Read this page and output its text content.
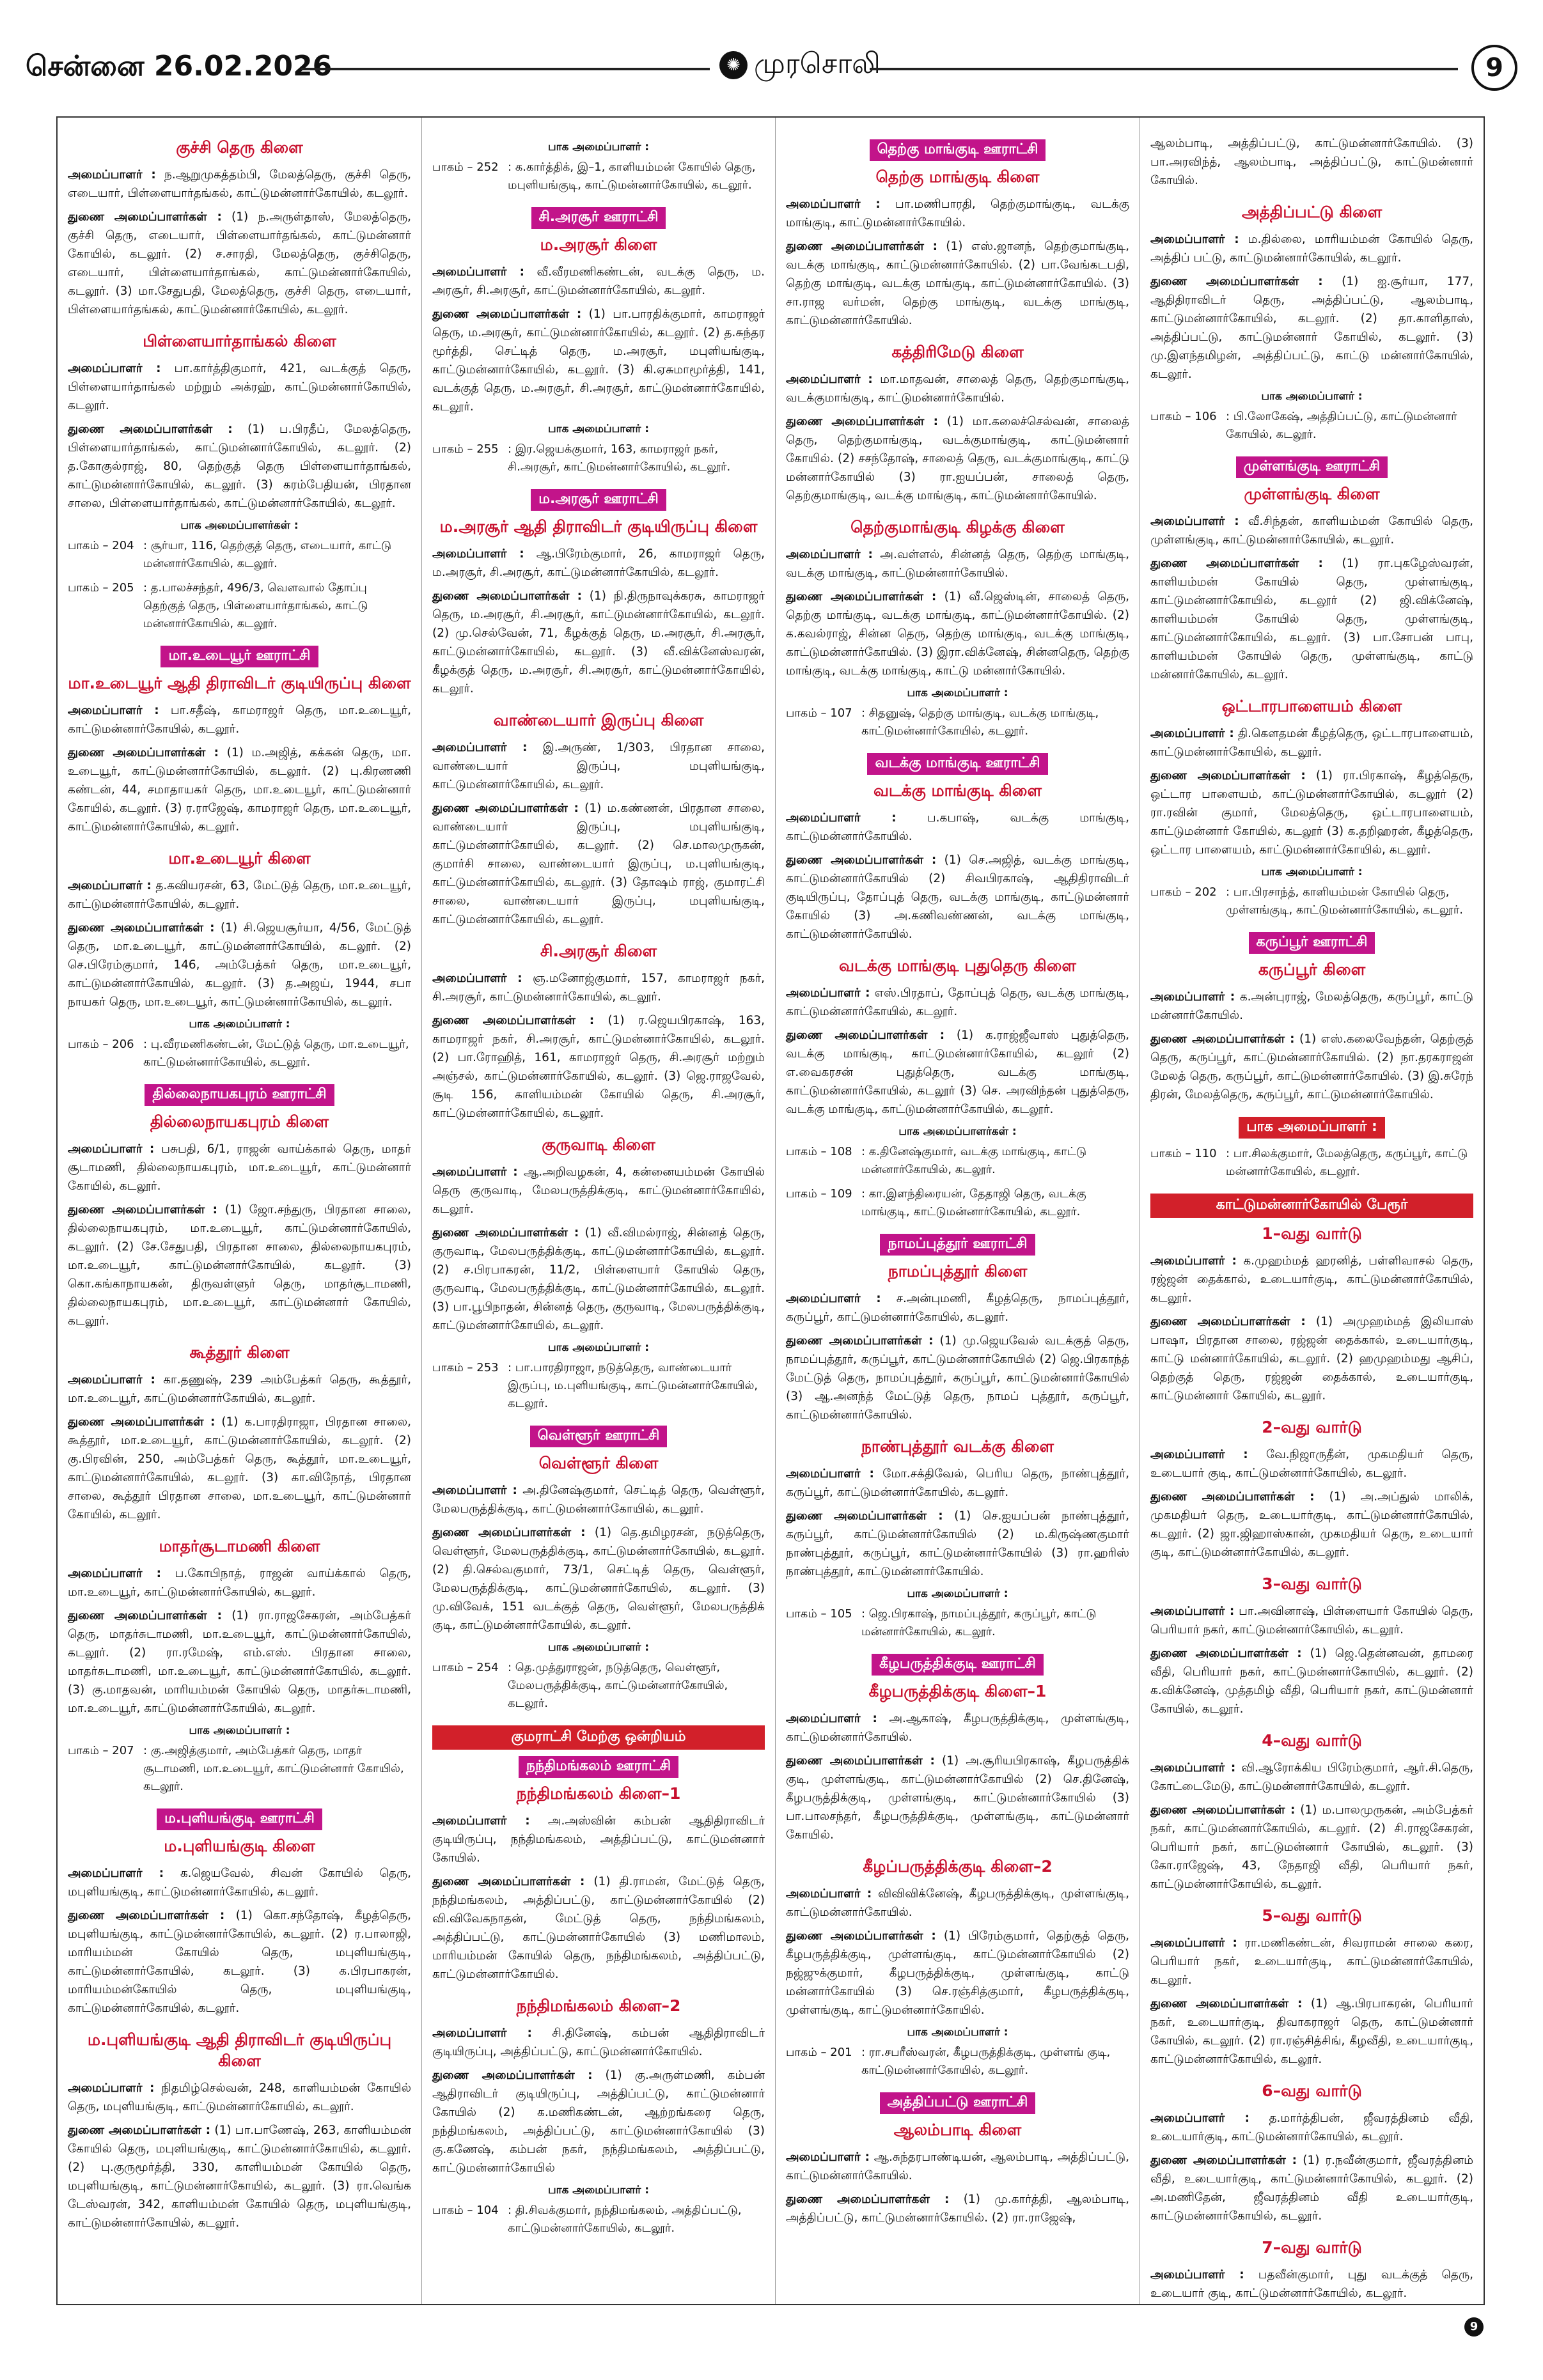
சென்னை 26.02.2026	✺ முரசொலி	9
குச்சி தெரு கிளை
அமைப்பாளர் : ந.ஆறுமுகத்தம்பி, மேலத்தெரு, குச்சி தெரு, எடையார், பிள்ளையார்தங்கல், காட்டுமன்னார்கோயில், கடலூர்.
துணை அமைப்பாளர்கள் : (1) ந.அருள்தாஸ், மேலத்தெரு, குச்சி தெரு, எடையார், பிள்ளையார்தங்கல், காட்டுமன்னார் கோயில், கடலூர். (2) ச.சாரதி, மேலத்தெரு, குச்சிதெரு, எடையார், பிள்ளையார்தாங்கல், காட்டுமன்னார்கோயில், கடலூர். (3) மா.சேதுபதி, மேலத்தெரு, குச்சி தெரு, எடையார், பிள்ளையார்தங்கல், காட்டுமன்னார்கோயில், கடலூர்.
பிள்ளையார்தாங்கல் கிளை
அமைப்பாளர் : பா.கார்த்திகுமார், 421, வடக்குத் தெரு, பிள்ளையார்தாங்கல் மற்றும் அக்ரஹ், காட்டுமன்னார்கோயில், கடலூர்.
துணை அமைப்பாளர்கள் : (1) ப.பிரதீப், மேலத்தெரு, பிள்ளையார்தாங்கல், காட்டுமன்னார்கோயில், கடலூர். (2) த.கோகுல்ராஜ், 80, தெற்குத் தெரு பிள்ளையார்தாங்கல், காட்டுமன்னார்கோயில், கடலூர். (3) கரம்பேதியன், பிரதான சாலை, பிள்ளையார்தாங்கல், காட்டுமன்னார்கோயில், கடலூர்.
பாக அமைப்பாளர்கள் :
பாகம் – 204 : சூர்யா, 116, தெற்குத் தெரு, எடையார், காட்டு மன்னார்கோயில், கடலூர்.
பாகம் – 205 : த.பாலச்சந்தர், 496/3, வெளவால் தோப்பு தெற்குத் தெரு, பிள்ளையார்தாங்கல், காட்டு மன்னார்கோயில், கடலூர்.
மா.உடையூர் ஊராட்சி
மா.உடையூர் ஆதி திராவிடர் குடியிருப்பு கிளை
அமைப்பாளர் : பா.சதீஷ், காமராஜர் தெரு, மா.உடையூர், காட்டுமன்னார்கோயில், கடலூர்.
துணை அமைப்பாளர்கள் : (1) ம.அஜித், கக்கன் தெரு, மா. உடையூர், காட்டுமன்னார்கோயில், கடலூர். (2) பு.கிரணணி கண்டன், 44, சமாதாயகர் தெரு, மா.உடையூர், காட்டுமன்னார் கோயில், கடலூர். (3) ர.ராஜேஷ், காமராஜர் தெரு, மா.உடையூர், காட்டுமன்னார்கோயில், கடலூர்.
மா.உடையூர் கிளை
அமைப்பாளர் : த.கவியரசன், 63, மேட்டுத் தெரு, மா.உடையூர், காட்டுமன்னார்கோயில், கடலூர்.
துணை அமைப்பாளர்கள் : (1) சி.ஜெயசூர்யா, 4/56, மேட்டுத் தெரு, மா.உடையூர், காட்டுமன்னார்கோயில், கடலூர். (2) செ.பிரேம்குமார், 146, அம்பேத்கர் தெரு, மா.உடையூர், காட்டுமன்னார்கோயில், கடலூர். (3) த.அஜய், 1944, சபா நாயகர் தெரு, மா.உடையூர், காட்டுமன்னார்கோயில், கடலூர்.
பாக அமைப்பாளர் :
பாகம் – 206 : பு.வீரமணிகண்டன், மேட்டுத் தெரு, மா.உடையூர், காட்டுமன்னார்கோயில், கடலூர்.
தில்லைநாயகபுரம் ஊராட்சி
தில்லைநாயகபுரம் கிளை
அமைப்பாளர் : பசுபதி, 6/1, ராஜன் வாய்க்கால் தெரு, மாதர் சூடாமணி, தில்லைநாயகபுரம், மா.உடையூர், காட்டுமன்னார் கோயில், கடலூர்.
துணை அமைப்பாளர்கள் : (1) ஜோ.சந்துரு, பிரதான சாலை, தில்லைநாயகபுரம், மா.உடையூர், காட்டுமன்னார்கோயில், கடலூர். (2) சே.சேதுபதி, பிரதான சாலை, தில்லைநாயகபுரம், மா.உடையூர், காட்டுமன்னார்கோயில், கடலூர். (3) கொ.கங்காநாயகன், திருவள்ளுர் தெரு, மாதர்சூடாமணி, தில்லைநாயகபுரம், மா.உடையூர், காட்டுமன்னார் கோயில், கடலூர்.
கூத்தூர் கிளை
அமைப்பாளர் : கா.தணுஷ், 239 அம்பேத்கர் தெரு, கூத்தூர், மா.உடையூர், காட்டுமன்னார்கோயில், கடலூர்.
துணை அமைப்பாளர்கள் : (1) க.பாரதிராஜா, பிரதான சாலை, கூத்தூர், மா.உடையூர், காட்டுமன்னார்கோயில், கடலூர். (2) கு.பிரவின், 250, அம்பேத்கர் தெரு, கூத்தூர், மா.உடையூர், காட்டுமன்னார்கோயில், கடலூர். (3) கா.விநோத், பிரதான சாலை, கூத்தூர் பிரதான சாலை, மா.உடையூர், காட்டுமன்னார் கோயில், கடலூர்.
மாதர்சூடாமணி கிளை
அமைப்பாளர் : ப.கோபிநாத், ராஜன் வாய்க்கால் தெரு, மா.உடையூர், காட்டுமன்னார்கோயில், கடலூர்.
துணை அமைப்பாளர்கள் : (1) ரா.ராஜசேகரன், அம்பேத்கர் தெரு, மாதர்சுடாமணி, மா.உடையூர், காட்டுமன்னார்கோயில், கடலூர். (2) ரா.ரமேஷ், எம்.எஸ். பிரதான சாலை, மாதர்சுடாமணி, மா.உடையூர், காட்டுமன்னார்கோயில், கடலூர். (3) கு.மாதவன், மாரியம்மன் கோயில் தெரு, மாதர்சுடாமணி, மா.உடையூர், காட்டுமன்னார்கோயில், கடலூர்.
பாக அமைப்பாளர் :
பாகம் – 207 : கு.அஜித்குமார், அம்பேத்கர் தெரு, மாதர் சூடாமணி, மா.உடையூர், காட்டுமன்னார் கோயில், கடலூர்.
ம.புளியங்குடி ஊராட்சி
ம.புளியங்குடி கிளை
அமைப்பாளர் : க.ஜெயவேல், சிவன் கோயில் தெரு, மபுளியங்குடி, காட்டுமன்னார்கோயில், கடலூர்.
துணை அமைப்பாளர்கள் : (1) கொ.சந்தோஷ், கீழத்தெரு, மபுளியங்குடி, காட்டுமன்னார்கோயில், கடலூர். (2) ர.பாலாஜி, மாரியம்மன் கோயில் தெரு, மபுளியங்குடி, காட்டுமன்னார்கோயில், கடலூர். (3) க.பிரபாகரன், மாரியம்மன்கோயில் தெரு, மபுளியங்குடி, காட்டுமன்னார்கோயில், கடலூர்.
ம.புளியங்குடி ஆதி திராவிடர் குடியிருப்பு கிளை
அமைப்பாளர் : நிதமிழ்செல்வன், 248, காளியம்மன் கோயில் தெரு, மபுளியங்குடி, காட்டுமன்னார்கோயில், கடலூர்.
துணை அமைப்பாளர்கள் : (1) பா.பாணேஷ், 263, காளியம்மன் கோயில் தெரு, மபுளியங்குடி, காட்டுமன்னார்கோயில், கடலூர். (2) பு.குருமூர்த்தி, 330, காளியம்மன் கோயில் தெரு, மபுளியங்குடி, காட்டுமன்னார்கோயில், கடலூர். (3) ரா.வெங்க டேஸ்வரன், 342, காளியம்மன் கோயில் தெரு, மபுளியங்குடி, காட்டுமன்னார்கோயில், கடலூர்.
பாக அமைப்பாளர் :
பாகம் – 252 : க.கார்த்திக், இ–1, காளியம்மன் கோயில் தெரு, மபுளியங்குடி, காட்டுமன்னார்கோயில், கடலூர்.
சி.அரசூர் ஊராட்சி
ம.அரசூர் கிளை
அமைப்பாளர் : வீ.வீரமணிகண்டன், வடக்கு தெரு, ம. அரசூர், சி.அரசூர், காட்டுமன்னார்கோயில், கடலூர்.
துணை அமைப்பாளர்கள் : (1) பா.பாரதிக்குமார், காமராஜர் தெரு, ம.அரசூர், காட்டுமன்னார்கோயில், கடலூர். (2) த.சுந்தர மூர்த்தி, செட்டித் தெரு, ம.அரசூர், மபுளியங்குடி, காட்டுமன்னார்கோயில், கடலூர். (3) கி.ஏசுமாமூர்த்தி, 141, வடக்குத் தெரு, ம.அரசூர், சி.அரசூர், காட்டுமன்னார்கோயில், கடலூர்.
பாக அமைப்பாளர் :
பாகம் – 255 : இர.ஜெயக்குமார், 163, காமராஜர் நகர், சி.அரசூர், காட்டுமன்னார்கோயில், கடலூர்.
ம.அரசூர் ஊராட்சி
ம.அரசூர் ஆதி திராவிடர் குடியிருப்பு கிளை
அமைப்பாளர் : ஆ.பிரேம்குமார், 26, காமராஜர் தெரு, ம.அரசூர், சி.அரசூர், காட்டுமன்னார்கோயில், கடலூர்.
துணை அமைப்பாளர்கள் : (1) நி.திருநாவுக்கரசு, காமராஜர் தெரு, ம.அரசூர், சி.அரசூர், காட்டுமன்னார்கோயில், கடலூர். (2) மு.செல்வேன், 71, கீழக்குத் தெரு, ம.அரசூர், சி.அரசூர், காட்டுமன்னார்கோயில், கடலூர். (3) வீ.விக்னேஸ்வரன், கீழக்குத் தெரு, ம.அரசூர், சி.அரசூர், காட்டுமன்னார்கோயில், கடலூர்.
வாண்டையார் இருப்பு கிளை
அமைப்பாளர் : இ.அருண், 1/303, பிரதான சாலை, வாண்டையார் இருப்பு, மபுளியங்குடி, காட்டுமன்னார்கோயில், கடலூர்.
துணை அமைப்பாளர்கள் : (1) ம.கண்ணன், பிரதான சாலை, வாண்டையார் இருப்பு, மபுளியங்குடி, காட்டுமன்னார்கோயில், கடலூர். (2) செ.மாலமுருகன், குமார்சி சாலை, வாண்டையார் இருப்பு, ம.புளியங்குடி, காட்டுமன்னார்கோயில், கடலூர். (3) தோஷம் ராஜ், குமாரட்சி சாலை, வாண்டையார் இருப்பு, மபுளியங்குடி, காட்டுமன்னார்கோயில், கடலூர்.
சி.அரசூர் கிளை
அமைப்பாளர் : ஞ.மனோஜ்குமார், 157, காமராஜர் நகர், சி.அரசூர், காட்டுமன்னார்கோயில், கடலூர்.
துணை அமைப்பாளர்கள் : (1) ர.ஜெயபிரகாஷ், 163, காமராஜர் நகர், சி.அரசூர், காட்டுமன்னார்கோயில், கடலூர். (2) பா.ரோஹித், 161, காமராஜர் தெரு, சி.அரசூர் மற்றும் அஞ்சல், காட்டுமன்னார்கோயில், கடலூர். (3) ஜெ.ராஜவேல், சூடி 156, காளியம்மன் கோயில் தெரு, சி.அரசூர், காட்டுமன்னார்கோயில், கடலூர்.
குருவாடி கிளை
அமைப்பாளர் : ஆ.அறிவழகன், 4, கன்னையம்மன் கோயில் தெரு குருவாடி, மேலபருத்திக்குடி, காட்டுமன்னார்கோயில், கடலூர்.
துணை அமைப்பாளர்கள் : (1) வீ.விமல்ராஜ், சின்னத் தெரு, குருவாடி, மேலபருத்திக்குடி, காட்டுமன்னார்கோயில், கடலூர். (2) ச.பிரபாகரன், 11/2, பிள்ளையார் கோயில் தெரு, குருவாடி, மேலபருத்திக்குடி, காட்டுமன்னார்கோயில், கடலூர். (3) பா.பூபிநாதன், சின்னத் தெரு, குருவாடி, மேலபருத்திக்குடி, காட்டுமன்னார்கோயில், கடலூர்.
பாக அமைப்பாளர் :
பாகம் – 253 : பா.பாரதிராஜா, நடுத்தெரு, வாண்டையார் இருப்பு, ம.புளியங்குடி, காட்டுமன்னார்கோயில், கடலூர்.
வெள்ளூர் ஊராட்சி
வெள்ளூர் கிளை
அமைப்பாளர் : அ.தினேஷ்குமார், செட்டித் தெரு, வெள்ளூர், மேலபருத்திக்குடி, காட்டுமன்னார்கோயில், கடலூர்.
துணை அமைப்பாளர்கள் : (1) தெ.தமிழரசன், நடுத்தெரு, வெள்ளூர், மேலபருத்திக்குடி, காட்டுமன்னார்கோயில், கடலூர். (2) தி.செல்வகுமார், 73/1, செட்டித் தெரு, வெள்ளூர், மேலபருத்திக்குடி, காட்டுமன்னார்கோயில், கடலூர். (3) மு.விவேக், 151 வடக்குத் தெரு, வெள்ளூர், மேலபருத்திக் குடி, காட்டுமன்னார்கோயில், கடலூர்.
பாக அமைப்பாளர் :
பாகம் – 254 : தெ.முத்துராஜன், நடுத்தெரு, வெள்ளூர், மேலபருத்திக்குடி, காட்டுமன்னார்கோயில், கடலூர்.
குமராட்சி மேற்கு ஒன்றியம்
நந்திமங்கலம் ஊராட்சி
நந்திமங்கலம் கிளை–1
அமைப்பாளர் : அ.அஸ்வின் கம்பன் ஆதிதிராவிடர் குடியிருப்பு, நந்திமங்கலம், அத்திப்பட்டு, காட்டுமன்னார் கோயில்.
துணை அமைப்பாளர்கள் : (1) தி.ராமன், மேட்டுத் தெரு, நந்திமங்கலம், அத்திப்பட்டு, காட்டுமன்னார்கோயில் (2) வி.விவேகநாதன், மேட்டுத் தெரு, நந்திமங்கலம், அத்திப்பட்டு, காட்டுமன்னார்கோயில் (3) மணிமாலம், மாரியம்மன் கோயில் தெரு, நந்திமங்கலம், அத்திப்பட்டு, காட்டுமன்னார்கோயில்.
நந்திமங்கலம் கிளை–2
அமைப்பாளர் : சி.தினேஷ், கம்பன் ஆதிதிராவிடர் குடியிருப்பு, அத்திப்பட்டு, காட்டுமன்னார்கோயில்.
துணை அமைப்பாளர்கள் : (1) கு.அருள்மணி, கம்பன் ஆதிராவிடர் குடியிருப்பு, அத்திப்பட்டு, காட்டுமன்னார் கோயில் (2) க.மணிகண்டன், ஆற்றங்கரை தெரு, நந்திமங்கலம், அத்திப்பட்டு, காட்டுமன்னார்கோயில் (3) கு.கணேஷ், கம்பன் நகர், நந்திமங்கலம், அத்திப்பட்டு, காட்டுமன்னார்கோயில்
பாக அமைப்பாளர் :
பாகம் – 104 : தி.சிவக்குமார், நந்திமங்கலம், அத்திப்பட்டு, காட்டுமன்னார்கோயில், கடலூர்.
தெற்கு மாங்குடி ஊராட்சி
தெற்கு மாங்குடி கிளை
அமைப்பாளர் : பா.மணிபாரதி, தெற்குமாங்குடி, வடக்கு மாங்குடி, காட்டுமன்னார்கோயில்.
துணை அமைப்பாளர்கள் : (1) எஸ்.ஜானந், தெற்குமாங்குடி, வடக்கு மாங்குடி, காட்டுமன்னார்கோயில். (2) பா.வேங்கடபதி, தெற்கு மாங்குடி, வடக்கு மாங்குடி, காட்டுமன்னார்கோயில். (3) சா.ராஜ வர்மன், தெற்கு மாங்குடி, வடக்கு மாங்குடி, காட்டுமன்னார்கோயில்.
கத்திரிமேடு கிளை
அமைப்பாளர் : மா.மாதவன், சாலைத் தெரு, தெற்குமாங்குடி, வடக்குமாங்குடி, காட்டுமன்னார்கோயில்.
துணை அமைப்பாளர்கள் : (1) மா.கலைச்செல்வன், சாலைத் தெரு, தெற்குமாங்குடி, வடக்குமாங்குடி, காட்டுமன்னார் கோயில். (2) சசந்தோஷ், சாலைத் தெரு, வடக்குமாங்குடி, காட்டு மன்னார்கோயில் (3) ரா.ஐயப்பன், சாலைத் தெரு, தெற்குமாங்குடி, வடக்கு மாங்குடி, காட்டுமன்னார்கோயில்.
தெற்குமாங்குடி கிழக்கு கிளை
அமைப்பாளர் : அ.வள்ளல், சின்னத் தெரு, தெற்கு மாங்குடி, வடக்கு மாங்குடி, காட்டுமன்னார்கோயில்.
துணை அமைப்பாளர்கள் : (1) வீ.ஜெஸ்டின், சாலைத் தெரு, தெற்கு மாங்குடி, வடக்கு மாங்குடி, காட்டுமன்னார்கோயில். (2) க.கவல்ராஜ், சின்ன தெரு, தெற்கு மாங்குடி, வடக்கு மாங்குடி, காட்டுமன்னார்கோயில். (3) இரா.விக்னேஷ், சின்னதெரு, தெற்கு மாங்குடி, வடக்கு மாங்குடி, காட்டு மன்னார்கோயில்.
பாக அமைப்பாளர் :
பாகம் – 107 : சிதனுஷ், தெற்கு மாங்குடி, வடக்கு மாங்குடி, காட்டுமன்னார்கோயில், கடலூர்.
வடக்கு மாங்குடி ஊராட்சி
வடக்கு மாங்குடி கிளை
அமைப்பாளர் :	ப.கபாஷ், வடக்கு மாங்குடி, காட்டுமன்னார்கோயில்.
துணை அமைப்பாளர்கள் : (1) செ.அஜித், வடக்கு மாங்குடி, காட்டுமன்னார்கோயில் (2) சிவபிரகாஷ், ஆதிதிராவிடர் குடியிருப்பு, தோப்புத் தெரு, வடக்கு மாங்குடி, காட்டுமன்னார் கோயில் (3) அ.கணிவண்ணன், வடக்கு மாங்குடி, காட்டுமன்னார்கோயில்.
வடக்கு மாங்குடி புதுதெரு கிளை
அமைப்பாளர் : எஸ்.பிரதாப், தோப்புத் தெரு, வடக்கு மாங்குடி, காட்டுமன்னார்கோயில், கடலூர்.
துணை அமைப்பாளர்கள் : (1) க.ராஜ்ஜீவாஸ் புதுத்தெரு, வடக்கு மாங்குடி, காட்டுமன்னார்கோயில், கடலூர் (2) எ.வைகரசன் புதுத்தெரு, வடக்கு மாங்குடி, காட்டுமன்னார்கோயில், கடலூர் (3) செ. அரவிந்தன் புதுத்தெரு, வடக்கு மாங்குடி, காட்டுமன்னார்கோயில், கடலூர்.
பாக அமைப்பாளர்கள் :
பாகம் – 108 : க.தினேஷ்குமார், வடக்கு மாங்குடி, காட்டு மன்னார்கோயில், கடலூர்.
பாகம் – 109 : கா.இளந்திரையன், தேதாஜி தெரு, வடக்கு மாங்குடி, காட்டுமன்னார்கோயில், கடலூர்.
நாமப்புத்தூர் ஊராட்சி
நாமப்புத்தூர் கிளை
அமைப்பாளர் : ச.அன்புமணி, கீழத்தெரு, நாமப்புத்தூர், கருப்பூர், காட்டுமன்னார்கோயில், கடலூர்.
துணை அமைப்பாளர்கள் : (1) மு.ஜெயவேல் வடக்குத் தெரு, நாமப்புத்தூர், கருப்பூர், காட்டுமன்னார்கோயில் (2) ஜெ.பிரகாந்த் மேட்டுத் தெரு, நாமப்புத்தூர், கருப்பூர், காட்டுமன்னார்கோயில் (3) ஆ.அனந்த் மேட்டுத் தெரு, நாமப் புத்தூர், கருப்பூர், காட்டுமன்னார்கோயில்.
நாண்புத்தூர் வடக்கு கிளை
அமைப்பாளர் : மோ.சக்திவேல், பெரிய தெரு, நாண்புத்தூர், கருப்பூர், காட்டுமன்னார்கோயில், கடலூர்.
துணை அமைப்பாளர்கள் : (1) செ.ஐயப்பன் நாண்புத்தூர், கருப்பூர், காட்டுமன்னார்கோயில் (2) ம.கிருஷ்ணகுமார் நாண்புத்தூர், கருப்பூர், காட்டுமன்னார்கோயில் (3) ரா.ஹரிஸ் நாண்புத்தூர், காட்டுமன்னார்கோயில்.
பாக அமைப்பாளர் :
பாகம் – 105 : ஜெ.பிரகாஷ், நாமப்புத்தூர், கருப்பூர், காட்டு மன்னார்கோயில், கடலூர்.
கீழபருத்திக்குடி ஊராட்சி
கீழபருத்திக்குடி கிளை–1
அமைப்பாளர் : அ.ஆகாஷ், கீழபருத்திக்குடி, முள்ளங்குடி, காட்டுமன்னார்கோயில்.
துணை அமைப்பாளர்கள் : (1) அ.சூரியபிரகாஷ், கீழபருத்திக் குடி, முள்ளங்குடி, காட்டுமன்னார்கோயில் (2) செ.தினேஷ், கீழபருத்திக்குடி, முள்ளங்குடி, காட்டுமன்னார்கோயில் (3) பா.பாலசந்தர், கீழபருத்திக்குடி, முள்ளங்குடி, காட்டுமன்னார் கோயில்.
கீழப்பருத்திக்குடி கிளை–2
அமைப்பாளர் : விவிவிக்னேஷ், கீழபருத்திக்குடி, முள்ளங்குடி, காட்டுமன்னார்கோயில்.
துணை அமைப்பாளர்கள் : (1) பிரேம்குமார், தெற்குத் தெரு, கீழபருத்திக்குடி, முள்ளங்குடி, காட்டுமன்னார்கோயில் (2) நஜ்ஜுக்குமார், கீழபருத்திக்குடி, முள்ளங்குடி, காட்டு மன்னார்கோயில் (3) செ.ரஞ்சித்குமார், கீழபருத்திக்குடி, முள்ளங்குடி, காட்டுமன்னார்கோயில்.
பாக அமைப்பாளர் :
பாகம் – 201 : ரா.சபரீஸ்வரன், கீழபருத்திக்குடி, முள்ளங் குடி, காட்டுமன்னார்கோயில், கடலூர்.
அத்திப்பட்டு ஊராட்சி
ஆலம்பாடி கிளை
அமைப்பாளர் : ஆ.சுந்தரபாண்டியன், ஆலம்பாடி, அத்திப்பட்டு, காட்டுமன்னார்கோயில்.
துணை அமைப்பாளர்கள் : (1) மு.கார்த்தி, ஆலம்பாடி, அத்திப்பட்டு, காட்டுமன்னார்கோயில். (2) ரா.ராஜேஷ்,
ஆலம்பாடி, அத்திப்பட்டு, காட்டுமன்னார்கோயில். (3) பா.அரவிந்த், ஆலம்பாடி, அத்திப்பட்டு, காட்டுமன்னார் கோயில்.
அத்திப்பட்டு கிளை
அமைப்பாளர் : ம.தில்லை, மாரியம்மன் கோயில் தெரு, அத்திப் பட்டு, காட்டுமன்னார்கோயில், கடலூர்.
துணை அமைப்பாளர்கள் : (1) ஐ.சூர்யா, 177, ஆதிதிராவிடர் தெரு, அத்திப்பட்டு, ஆலம்பாடி, காட்டுமன்னார்கோயில், கடலூர். (2) தா.காளிதாஸ், அத்திப்பட்டு, காட்டுமன்னார் கோயில், கடலூர். (3) மு.இளந்தமிழன், அத்திப்பட்டு, காட்டு மன்னார்கோயில், கடலூர்.
பாக அமைப்பாளர் :
பாகம் – 106 : பி.லோகேஷ், அத்திப்பட்டு, காட்டுமன்னார் கோயில், கடலூர்.
முள்ளங்குடி ஊராட்சி
முள்ளங்குடி கிளை
அமைப்பாளர் : வீ.சிந்தன், காளியம்மன் கோயில் தெரு, முள்ளங்குடி, காட்டுமன்னார்கோயில், கடலூர்.
துணை அமைப்பாளர்கள் : (1) ரா.புகழேஸ்வரன், காளியம்மன் கோயில் தெரு, முள்ளங்குடி, காட்டுமன்னார்கோயில், கடலூர் (2) ஜி.விக்னேஷ், காளியம்மன் கோயில் தெரு, முள்ளங்குடி, காட்டுமன்னார்கோயில், கடலூர். (3) பா.சோபன் பாபு, காளியம்மன் கோயில் தெரு, முள்ளங்குடி, காட்டு மன்னார்கோயில், கடலூர்.
ஒட்டாரபாளையம் கிளை
அமைப்பாளர் : தி.கௌதமன் கீழத்தெரு, ஒட்டாரபாளையம், காட்டுமன்னார்கோயில், கடலூர்.
துணை அமைப்பாளர்கள் : (1) ரா.பிரகாஷ், கீழத்தெரு, ஒட்டார பாளையம், காட்டுமன்னார்கோயில், கடலூர் (2) ரா.ரவின் குமார், மேலத்தெரு, ஒட்டாரபாளையம், காட்டுமன்னார் கோயில், கடலூர் (3) க.தறிஹரன், கீழத்தெரு, ஒட்டார பாளையம், காட்டுமன்னார்கோயில், கடலூர்.
பாக அமைப்பாளர் :
பாகம் – 202 : பா.பிரசாந்த், காளியம்மன் கோயில் தெரு, முள்ளங்குடி, காட்டுமன்னார்கோயில், கடலூர்.
கருப்பூர் ஊராட்சி
கருப்பூர் கிளை
அமைப்பாளர் : க.அன்புராஜ், மேலத்தெரு, கருப்பூர், காட்டு மன்னார்கோயில்.
துணை அமைப்பாளர்கள் : (1) எஸ்.கலைவேந்தன், தெற்குத் தெரு, கருப்பூர், காட்டுமன்னார்கோயில். (2) நா.தரகராஜன் மேலத் தெரு, கருப்பூர், காட்டுமன்னார்கோயில். (3) இ.சுரேந் திரன், மேலத்தெரு, கருப்பூர், காட்டுமன்னார்கோயில்.
பாக அமைப்பாளர் :
பாகம் – 110 : பா.சிலக்குமார், மேலத்தெரு, கருப்பூர், காட்டு மன்னார்கோயில், கடலூர்.
காட்டுமன்னார்கோயில் பேரூர்
1–வது வார்டு
அமைப்பாளர் : க.முஹம்மத் ஹரனித், பள்ளிவாசல் தெரு, ரஜ்ஜன் தைக்கால், உடையார்குடி, காட்டுமன்னார்கோயில், கடலூர்.
துணை அமைப்பாளர்கள் : (1) அமுஹம்மத் இலியாஸ் பாஷா, பிரதான சாலை, ரஜ்ஜன் தைக்கால், உடையார்குடி, காட்டு மன்னார்கோயில், கடலூர். (2) ஹமுஹம்மது ஆசிப், தெற்குத் தெரு, ரஜ்ஜன் தைக்கால், உடையார்குடி, காட்டுமன்னார் கோயில், கடலூர்.
2–வது வார்டு
அமைப்பாளர் : வே.நிஜாருதீன், முகமதியர் தெரு, உடையார் குடி, காட்டுமன்னார்கோயில், கடலூர்.
துணை அமைப்பாளர்கள் : (1) அ.அப்துல் மாலிக், முகமதியர் தெரு, உடையார்குடி, காட்டுமன்னார்கோயில், கடலூர். (2) ஜா.ஜிஹாஸ்கான், முகமதியர் தெரு, உடையார் குடி, காட்டுமன்னார்கோயில், கடலூர்.
3–வது வார்டு
அமைப்பாளர் : பா.அவினாஷ், பிள்ளையார் கோயில் தெரு, பெரியார் நகர், காட்டுமன்னார்கோயில், கடலூர்.
துணை அமைப்பாளர்கள் : (1) ஜெ.தென்னவன், தாமரை வீதி, பெரியார் நகர், காட்டுமன்னார்கோயில், கடலூர். (2) க.விக்னேஷ், முத்தமிழ் வீதி, பெரியார் நகர், காட்டுமன்னார் கோயில், கடலூர்.
4–வது வார்டு
அமைப்பாளர் : வி.ஆரோக்கிய பிரேம்குமார், ஆர்.சி.தெரு, கோட்டைமேடு, காட்டுமன்னார்கோயில், கடலூர்.
துணை அமைப்பாளர்கள் : (1) ம.பாலமுருகன், அம்பேத்கர் நகர், காட்டுமன்னார்கோயில், கடலூர். (2) சி.ராஜசேகரன், பெரியார் நகர், காட்டுமன்னார் கோயில், கடலூர். (3) கோ.ராஜேஷ், 43, நேதாஜி வீதி, பெரியார் நகர், காட்டுமன்னார்கோயில், கடலூர்.
5–வது வார்டு
அமைப்பாளர் : ரா.மணிகண்டன், சிவராமன் சாலை கரை, பெரியார் நகர், உடையார்குடி, காட்டுமன்னார்கோயில், கடலூர்.
துணை அமைப்பாளர்கள் : (1) ஆ.பிரபாகரன், பெரியார் நகர், உடையார்குடி, திவாகராஜர் தெரு, காட்டுமன்னார் கோயில், கடலூர். (2) ரா.ரஞ்சித்சிங், கீழவீதி, உடையார்குடி, காட்டுமன்னார்கோயில், கடலூர்.
6–வது வார்டு
அமைப்பாளர் : த.மார்த்திபன், ஜீவரத்தினம் வீதி, உடையார்குடி, காட்டுமன்னார்கோயில், கடலூர்.
துணை அமைப்பாளர்கள் : (1) ர.நவீன்குமார், ஜீவரத்தினம் வீதி, உடையார்குடி, காட்டுமன்னார்கோயில், கடலூர். (2) அ.மணிதேன், ஜீவரத்தினம் வீதி உடையார்குடி, காட்டுமன்னார்கோயில், கடலூர்.
7–வது வார்டு
அமைப்பாளர் : பதவீன்குமார், புது வடக்குத் தெரு, உடையார் குடி, காட்டுமன்னார்கோயில், கடலூர்.
9
